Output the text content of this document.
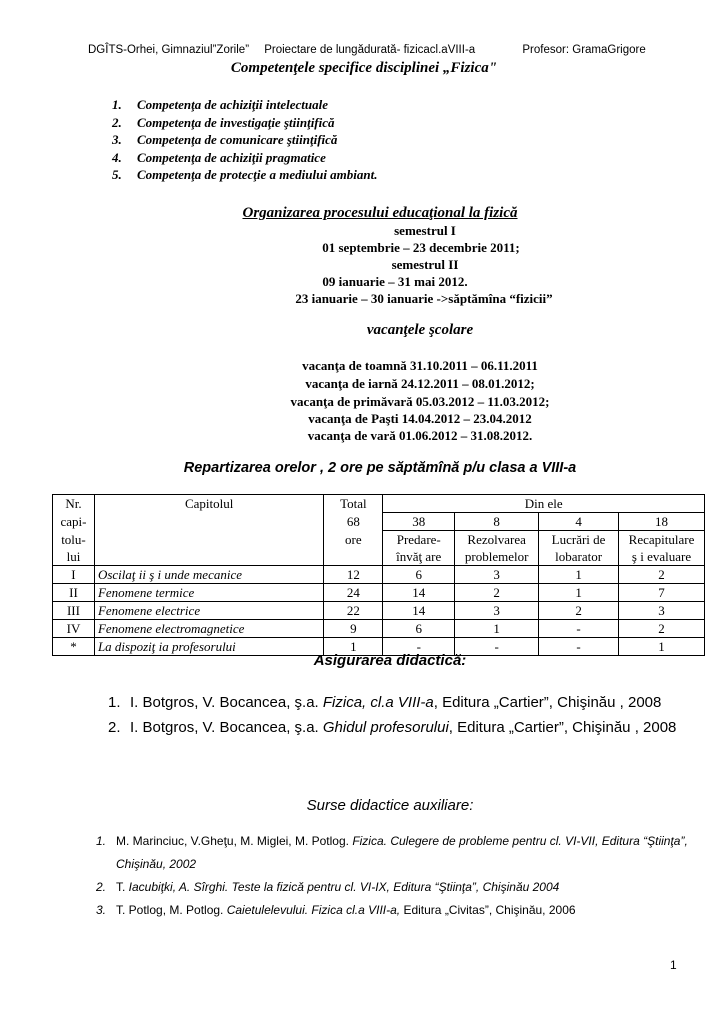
DGÎTS-Orhei, Gimnaziul”Zorile” Proiectare de lungădurată- fizicacl.aVIII-a	Profesor: GramaGrigore
Competenţele specifice disciplinei „Fizica"
1. Competenţa de achiziţii intelectuale
2. Competenţa de investigaţie ştiinţifică
3. Competenţa de comunicare ştiinţifică
4. Competenţa de achiziţii pragmatice
5. Competenţa de protecţie a mediului ambiant.
Organizarea procesului educaţional la fizică
semestrul I
01 septembrie – 23 decembrie 2011;
semestrul II
09 ianuarie – 31 mai 2012.
23 ianuarie – 30 ianuarie ->săptămîna “fizicii”
vacanţele şcolare
vacanţa de toamnă 31.10.2011 – 06.11.2011
vacanţa de iarnă 24.12.2011 – 08.01.2012;
vacanţa de primăvară 05.03.2012 – 11.03.2012;
vacanţa de Paşti 14.04.2012 – 23.04.2012
vacanţa de vară 01.06.2012 – 31.08.2012.
Repartizarea orelor , 2 ore pe săptămînă p/u clasa a VIII-a
Nr.	Capitolul	Total	Din ele			
capi-		68	38	8	4	18
tolu-		ore	Predare-	Rezolvarea	Lucrări de	Recapitulare
lui			învăţ are	problemelor	lobarator	ş i evaluare
I	Oscilaţ ii ş i unde mecanice	12	6	3	1	2
II	Fenomene termice	24	14	2	1	7
III	Fenomene electrice	22	14	3	2	3
IV	Fenomene electromagnetice	9	6	1	-	2
*	La dispoziţ ia profesorului	1	-	-	-	1
Asigurarea didactică:
1. I. Botgros, V. Bocancea, ş.a. Fizica, cl.a VIII-a, Editura „Cartier”, Chişinău , 2008
2. I. Botgros, V. Bocancea, ş.a. Ghidul profesorului, Editura „Cartier”, Chişinău , 2008
Surse didactice auxiliare:
1. M. Marinciuc, V.Gheţu, M. Miglei, M. Potlog. Fizica. Culegere de probleme pentru cl. VI-VII, Editura “Ştiinţa”, Chişinău, 2002
2. T. Iacubiţki, A. Sîrghi. Teste la fizică pentru cl. VI-IX, Editura “Ştiinţa”, Chişinău 2004
3. T. Potlog, M. Potlog. Caietulelevului. Fizica cl.a VIII-a, Editura „Civitas”, Chişinău, 2006
1
